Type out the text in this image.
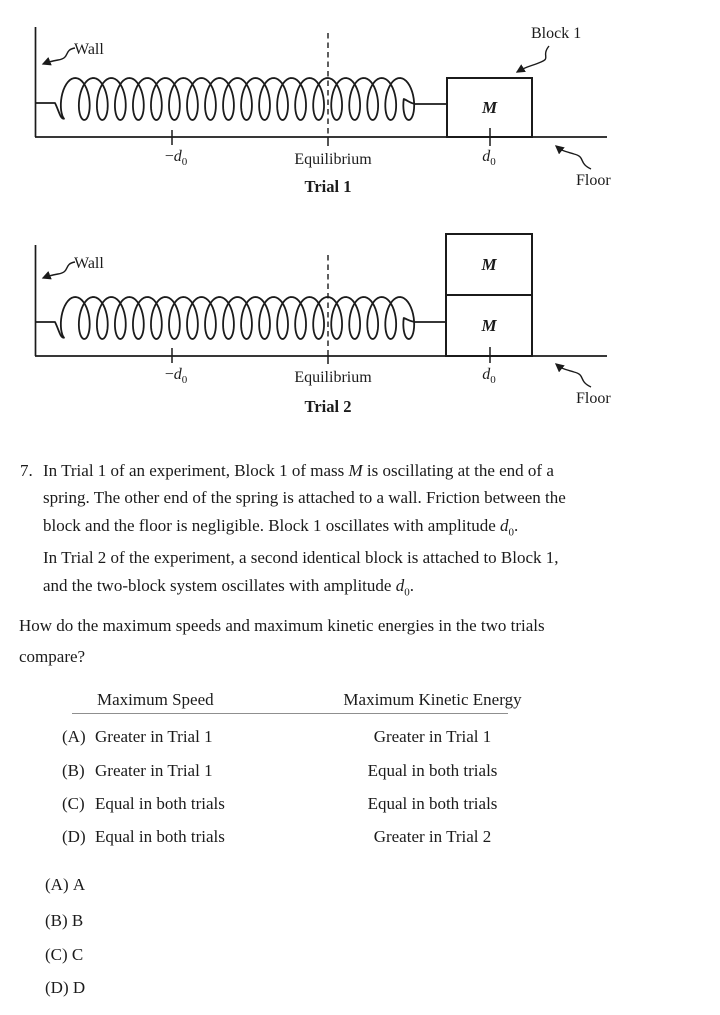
Wall
Block 1
Floor
M
$-d_0$	Equilibrium	$d_0$
Trial 1
Wall
Floor
M
M
$-d_0$	Equilibrium	$d_0$
Trial 2
7. In Trial 1 of an experiment, Block 1 of mass M is oscillating at the end of a
spring. The other end of the spring is attached to a wall. Friction between the
block and the floor is negligible. Block 1 oscillates with amplitude $d_0$.
In Trial 2 of the experiment, a second identical block is attached to Block 1,
and the two-block system oscillates with amplitude $d_0$.
How do the maximum speeds and maximum kinetic energies in the two trials
compare?
Maximum Speed	Maximum Kinetic Energy
(A) Greater in Trial 1	Greater in Trial 1
(B) Greater in Trial 1	Equal in both trials
(C) Equal in both trials	Equal in both trials
(D) Equal in both trials	Greater in Trial 2
(A) A
(B) B
(C) C
(D) D
